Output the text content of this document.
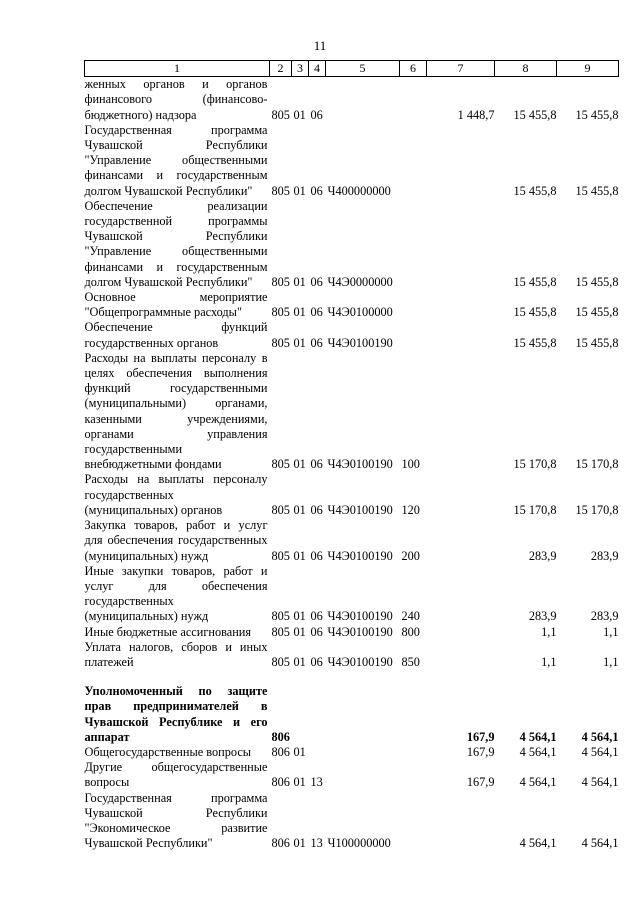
11
1	2	3	4	5	6	7	8	9
женных органов и органов финансового (финансово-бюджетного) надзора	805	01	06			1 448,7	15 455,8	15 455,8
Государственная программа Чувашской Республики "Управление общественными финансами и государственным долгом Чувашской Республики"	805	01	06	Ч400000000			15 455,8	15 455,8
Обеспечение реализации государственной программы Чувашской Республики "Управление общественными финансами и государственным долгом Чувашской Республики"	805	01	06	Ч4Э0000000			15 455,8	15 455,8
Основное мероприятие "Общепрограммные расходы"	805	01	06	Ч4Э0100000			15 455,8	15 455,8
Обеспечение функций государственных органов	805	01	06	Ч4Э0100190			15 455,8	15 455,8
Расходы на выплаты персоналу в целях обеспечения выполнения функций государственными (муниципальными) органами, казенными учреждениями, органами управления государственными внебюджетными фондами	805	01	06	Ч4Э0100190	100		15 170,8	15 170,8
Расходы на выплаты персоналу государственных (муниципальных) органов	805	01	06	Ч4Э0100190	120		15 170,8	15 170,8
Закупка товаров, работ и услуг для обеспечения государственных (муниципальных) нужд	805	01	06	Ч4Э0100190	200		283,9	283,9
Иные закупки товаров, работ и услуг для обеспечения государственных (муниципальных) нужд	805	01	06	Ч4Э0100190	240		283,9	283,9
Иные бюджетные ассигнования	805	01	06	Ч4Э0100190	800		1,1	1,1
Уплата налогов, сборов и иных платежей	805	01	06	Ч4Э0100190	850		1,1	1,1

Уполномоченный по защите прав предпринимателей в Чувашской Республике и его аппарат	806					167,9	4 564,1	4 564,1
Общегосударственные вопросы	806	01				167,9	4 564,1	4 564,1
Другие общегосударственные вопросы	806	01	13			167,9	4 564,1	4 564,1
Государственная программа Чувашской Республики "Экономическое развитие Чувашской Республики"	806	01	13	Ч100000000			4 564,1	4 564,1
